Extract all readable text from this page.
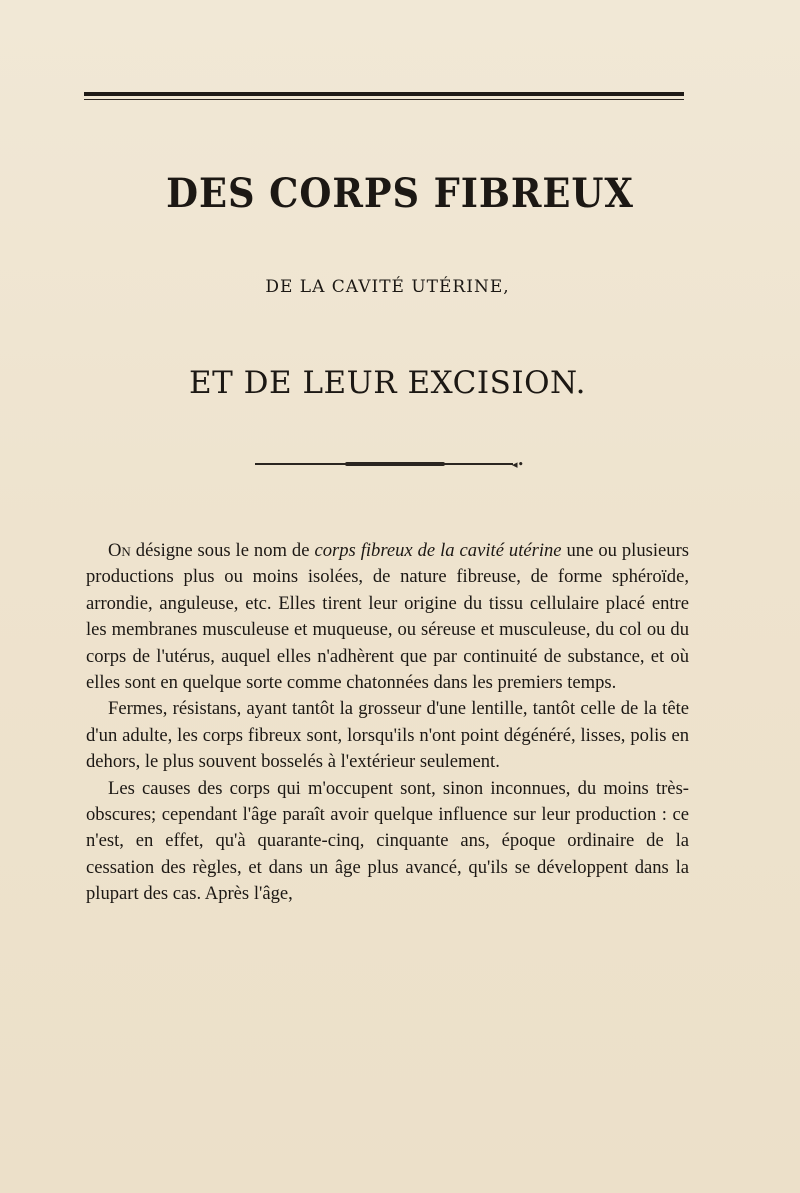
DES CORPS FIBREUX
DE LA CAVITÉ UTÉRINE,
ET DE LEUR EXCISION.
◂•

On désigne sous le nom de corps fibreux de la cavité utérine une ou plusieurs productions plus ou moins isolées, de nature fibreuse, de forme sphéroïde, arrondie, anguleuse, etc. Elles tirent leur origine du tissu cellulaire placé entre les membranes musculeuse et muqueuse, ou séreuse et musculeuse, du col ou du corps de l'utérus, auquel elles n'adhèrent que par continuité de substance, et où elles sont en quelque sorte comme chatonnées dans les premiers temps.

Fermes, résistans, ayant tantôt la grosseur d'une lentille, tantôt celle de la tête d'un adulte, les corps fibreux sont, lorsqu'ils n'ont point dégénéré, lisses, polis en dehors, le plus souvent bosselés à l'extérieur seulement.

Les causes des corps qui m'occupent sont, sinon inconnues, du moins très-obscures; cependant l'âge paraît avoir quelque influence sur leur production : ce n'est, en effet, qu'à quarante-cinq, cinquante ans, époque ordinaire de la cessation des règles, et dans un âge plus avancé, qu'ils se développent dans la plupart des cas. Après l'âge,
